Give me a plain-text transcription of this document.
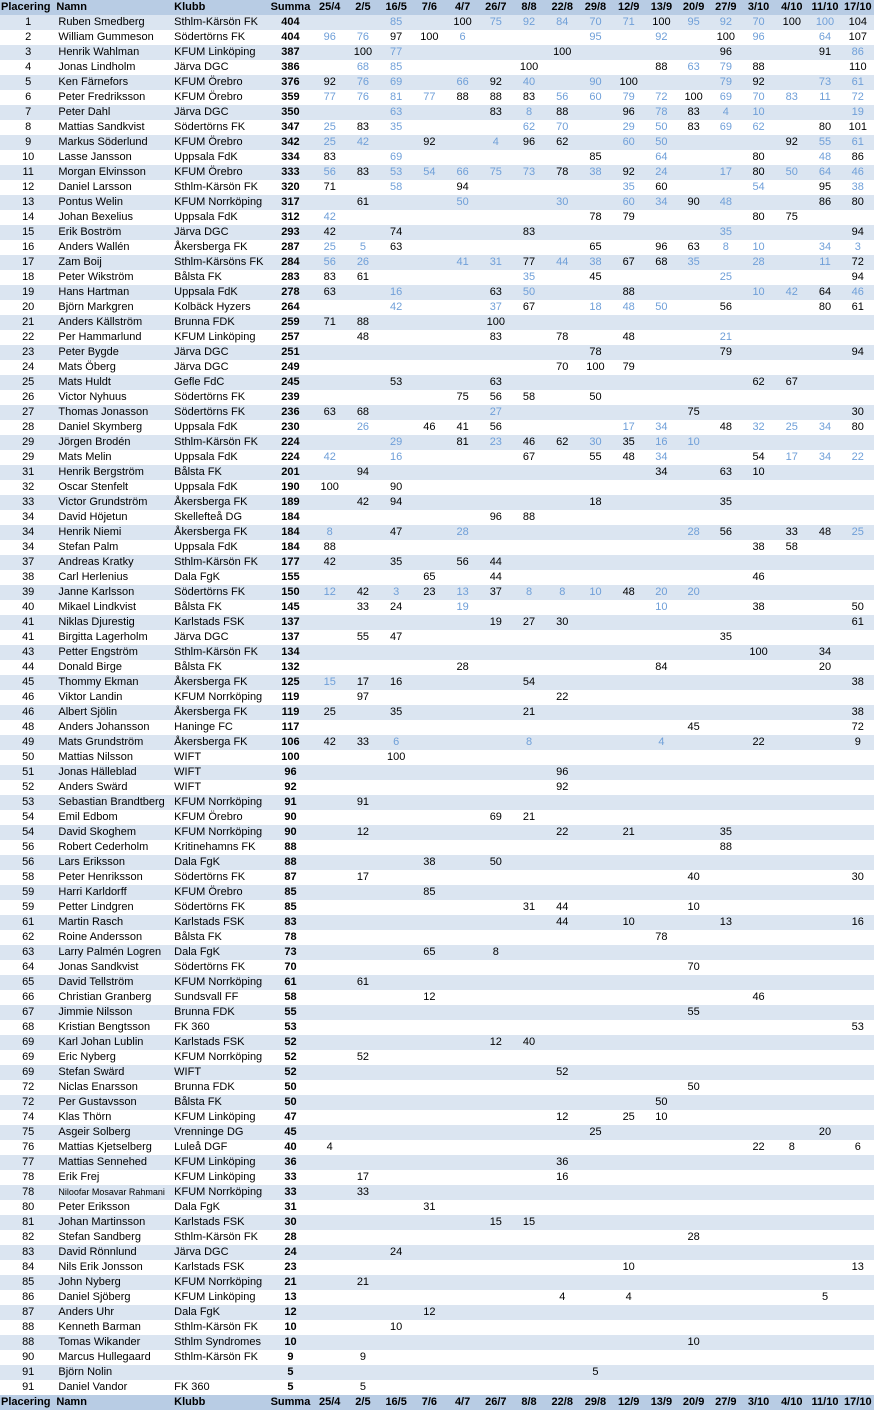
Placering	Namn	Klubb	Summa	25/4	2/5	16/5	7/6	4/7	26/7	8/8	22/8	29/8	12/9	13/9	20/9	27/9	3/10	4/10	11/10	17/10
1	Ruben Smedberg	Sthlm-Kärsön FK	404			85		100	75	92	84	70	71	100	95	92	70	100	100	104
2	William Gummeson	Södertörns FK	404	96	76	97	100	6				95		92		100	96		64	107
3	Henrik Wahlman	KFUM Linköping	387		100	77					100					96			91	86
4	Jonas Lindholm	Järva DGC	386		68	85				100				88	63	79	88			110
5	Ken Färnefors	KFUM Örebro	376	92	76	69		66	92	40		90	100			79	92		73	61
6	Peter Fredriksson	KFUM Örebro	359	77	76	81	77	88	88	83	56	60	79	72	100	69	70	83	11	72
7	Peter Dahl	Järva DGC	350			63			83	8	88		96	78	83	4	10			19
8	Mattias Sandkvist	Södertörns FK	347	25	83	35				62	70		29	50	83	69	62		80	101
9	Markus Söderlund	KFUM Örebro	342	25	42		92		4	96	62		60	50				92	55	61
10	Lasse Jansson	Uppsala FdK	334	83		69						85		64			80		48	86
11	Morgan Elvinsson	KFUM Örebro	333	56	83	53	54	66	75	73	78	38	92	24		17	80	50	64	46
12	Daniel Larsson	Sthlm-Kärsön FK	320	71		58		94					35	60			54		95	38
13	Pontus Welin	KFUM Norrköping	317		61			50			30		60	34	90	48			86	80
14	Johan Bexelius	Uppsala FdK	312	42								78	79				80	75		
15	Erik Boström	Järva DGC	293	42		74				83						35				94
16	Anders Wallén	Åkersberga FK	287	25	5	63						65		96	63	8	10		34	3
17	Zam Boij	Sthlm-Kärsöns FK	284	56	26			41	31	77	44	38	67	68	35		28		11	72
18	Peter Wikström	Bålsta FK	283	83	61					35		45				25				94
19	Hans Hartman	Uppsala FdK	278	63		16			63	50			88				10	42	64	46
20	Björn Markgren	Kolbäck Hyzers	264			42			37	67		18	48	50		56			80	61
21	Anders Källström	Brunna FDK	259	71	88				100											
22	Per Hammarlund	KFUM Linköping	257		48				83		78		48			21				
23	Peter Bygde	Järva DGC	251									78				79				94
24	Mats Öberg	Järva DGC	249								70	100	79							
25	Mats Huldt	Gefle FdC	245			53			63								62	67		
26	Victor Nyhuus	Södertörns FK	239					75	56	58		50								
27	Thomas Jonasson	Södertörns FK	236	63	68				27						75					30
28	Daniel Skymberg	Uppsala FdK	230		26		46	41	56				17	34		48	32	25	34	80
29	Jörgen Brodén	Sthlm-Kärsön FK	224			29		81	23	46	62	30	35	16	10					
29	Mats Melin	Uppsala FdK	224	42		16				67		55	48	34			54	17	34	22
31	Henrik Bergström	Bålsta FK	201		94									34		63	10			
32	Oscar Stenfelt	Uppsala FdK	190	100		90														
33	Victor Grundström	Åkersberga FK	189		42	94						18				35				
34	David Höjetun	Skellefteå DG	184						96	88										
34	Henrik Niemi	Åkersberga FK	184	8		47		28							28	56		33	48	25
34	Stefan Palm	Uppsala FdK	184	88													38	58		
37	Andreas Kratky	Sthlm-Kärsön FK	177	42		35		56	44											
38	Carl Herlenius	Dala FgK	155				65		44								46			
39	Janne Karlsson	Södertörns FK	150	12	42	3	23	13	37	8	8	10	48	20	20					
40	Mikael Lindkvist	Bålsta FK	145		33	24		19						10			38			50
41	Niklas Djurestig	Karlstads FSK	137						19	27	30									61
41	Birgitta Lagerholm	Järva DGC	137		55	47										35				
43	Petter Engström	Sthlm-Kärsön FK	134														100		34	
44	Donald Birge	Bålsta FK	132					28						84					20	
45	Thommy Ekman	Åkersberga FK	125	15	17	16				54										38
46	Viktor Landin	KFUM Norrköping	119		97						22									
46	Albert Sjölin	Åkersberga FK	119	25		35				21										38
48	Anders Johansson	Haninge FC	117												45					72
49	Mats Grundström	Åkersberga FK	106	42	33	6				8				4			22			9
50	Mattias Nilsson	WIFT	100			100														
51	Jonas Hälleblad	WIFT	96								96									
52	Anders Swärd	WIFT	92								92									
53	Sebastian Brandtberg	KFUM Norrköping	91		91															
54	Emil Edbom	KFUM Örebro	90						69	21										
54	David Skoghem	KFUM Norrköping	90		12						22		21			35				
56	Robert Cederholm	Kritinehamns FK	88													88				
56	Lars Eriksson	Dala FgK	88				38		50											
58	Peter Henriksson	Södertörns FK	87		17										40					30
59	Harri Karldorff	KFUM Örebro	85				85													
59	Petter Lindgren	Södertörns FK	85							31	44				10					
61	Martin Rasch	Karlstads FSK	83								44		10			13				16
62	Roine Andersson	Bålsta FK	78											78						
63	Larry Palmén Logren	Dala FgK	73				65		8											
64	Jonas Sandkvist	Södertörns FK	70												70					
65	David Tellström	KFUM Norrköping	61		61															
66	Christian Granberg	Sundsvall FF	58				12										46			
67	Jimmie Nilsson	Brunna FDK	55												55					
68	Kristian Bengtsson	FK 360	53																	53
69	Karl Johan Lublin	Karlstads FSK	52						12	40										
69	Eric Nyberg	KFUM Norrköping	52		52															
69	Stefan Swärd	WIFT	52								52									
72	Niclas Enarsson	Brunna FDK	50												50					
72	Per Gustavsson	Bålsta FK	50											50						
74	Klas Thörn	KFUM Linköping	47								12		25	10						
75	Asgeir Solberg	Vrenninge DG	45									25							20	
76	Mattias Kjetselberg	Luleå DGF	40	4													22	8		6
77	Mattias Sennehed	KFUM Linköping	36								36									
78	Erik Frej	KFUM Linköping	33		17						16									
78	Niloofar Mosavar Rahmani	KFUM Norrköping	33		33															
80	Peter Eriksson	Dala FgK	31				31													
81	Johan Martinsson	Karlstads FSK	30						15	15										
82	Stefan Sandberg	Sthlm-Kärsön FK	28												28					
83	David Rönnlund	Järva DGC	24			24														
84	Nils Erik Jonsson	Karlstads FSK	23										10							13
85	John Nyberg	KFUM Norrköping	21		21															
86	Daniel Sjöberg	KFUM Linköping	13								4		4						5	
87	Anders Uhr	Dala FgK	12				12													
88	Kenneth Barman	Sthlm-Kärsön FK	10			10														
88	Tomas Wikander	Sthlm Syndromes	10												10					
90	Marcus Hullegaard	Sthlm-Kärsön FK	9		9															
91	Björn Nolin		5									5								
91	Daniel Vandor	FK 360	5		5															
Placering	Namn	Klubb	Summa	25/4	2/5	16/5	7/6	4/7	26/7	8/8	22/8	29/8	12/9	13/9	20/9	27/9	3/10	4/10	11/10	17/10
